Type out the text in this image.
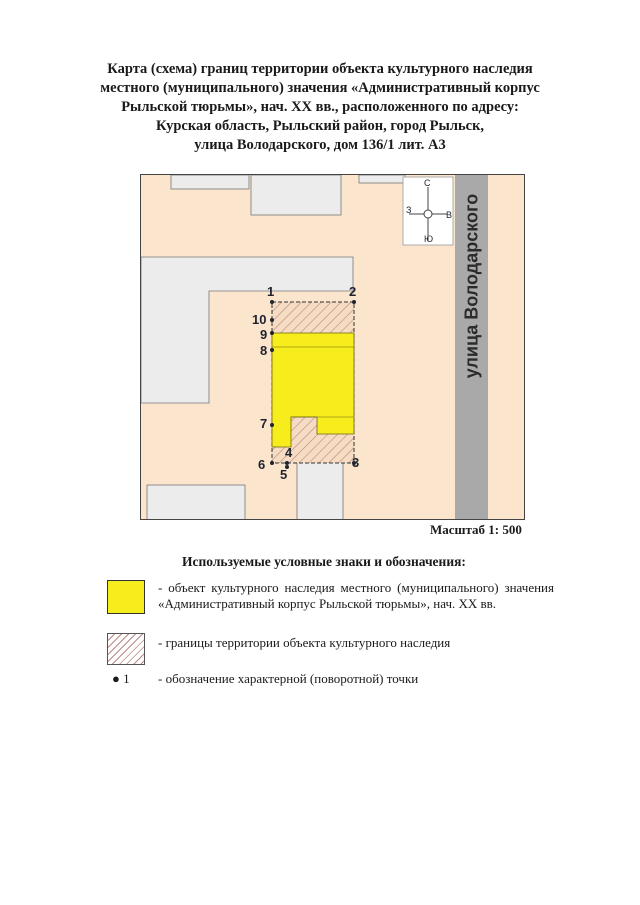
Карта (схема) границ территории объекта культурного наследия
местного (муниципального) значения «Административный корпус
Рыльской тюрьмы», нач. XX вв., расположенного по адресу:
Курская область, Рыльский район, город Рыльск,
улица Володарского, дом 136/1 лит. А3
С
З	В
Ю улица Володарского
1	2
3
4
5
6
7
8
9
10
Масштаб 1: 500
Используемые условные знаки и обозначения:
- объект культурного наследия местного (муниципального) значения «Административный корпус Рыльской тюрьмы», нач. XX вв.
- границы территории объекта культурного наследия
● 1 - обозначение характерной (поворотной) точки
